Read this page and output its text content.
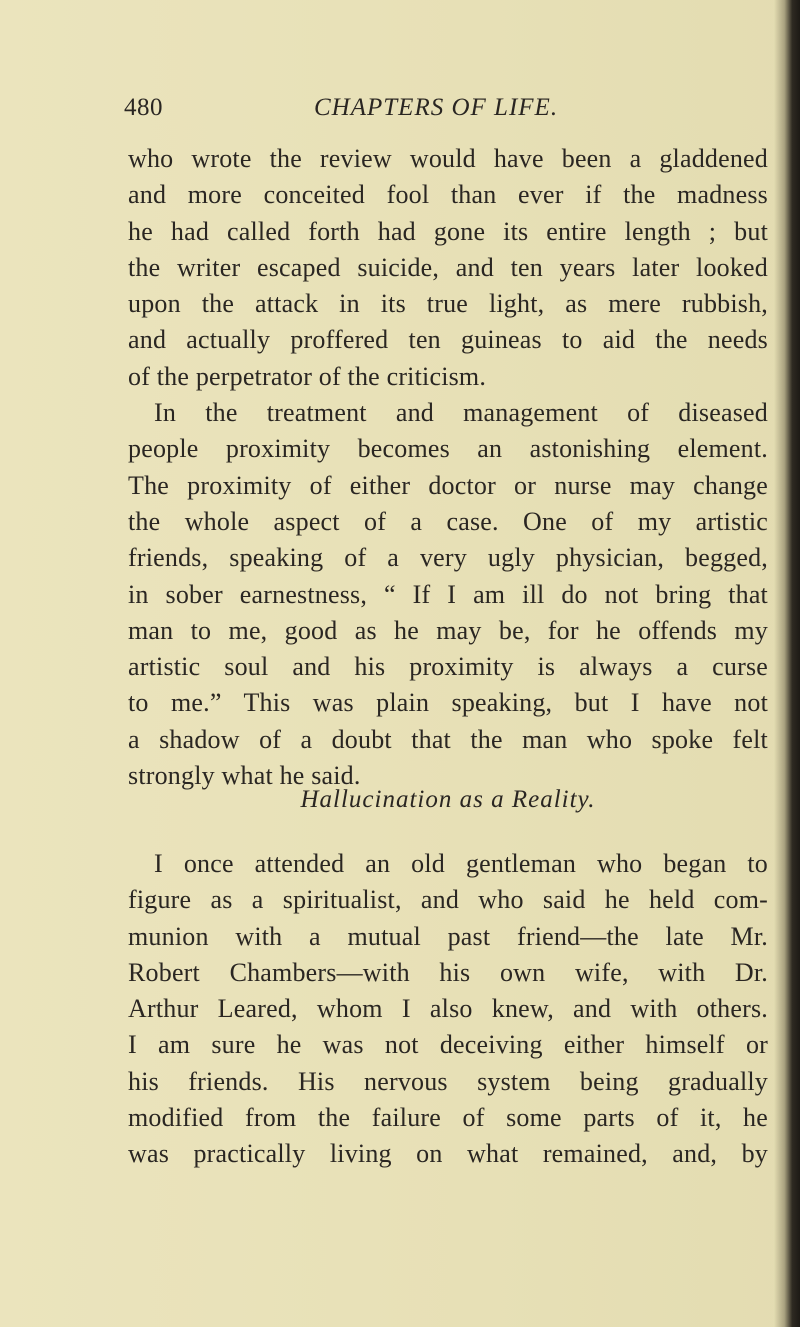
480	CHAPTERS OF LIFE.
who wrote the review would have been a gladdened
and more conceited fool than ever if the madness
he had called forth had gone its entire length ; but
the writer escaped suicide, and ten years later looked
upon the attack in its true light, as mere rubbish,
and actually proffered ten guineas to aid the needs
of the perpetrator of the criticism.
In the treatment and management of diseased
people proximity becomes an astonishing element.
The proximity of either doctor or nurse may change
the whole aspect of a case. One of my artistic
friends, speaking of a very ugly physician, begged,
in sober earnestness, “ If I am ill do not bring that
man to me, good as he may be, for he offends my
artistic soul and his proximity is always a curse
to me.” This was plain speaking, but I have not
a shadow of a doubt that the man who spoke felt
strongly what he said.
Hallucination as a Reality.
I once attended an old gentleman who began to
figure as a spiritualist, and who said he held com-
munion with a mutual past friend—the late Mr.
Robert Chambers—with his own wife, with Dr.
Arthur Leared, whom I also knew, and with others.
I am sure he was not deceiving either himself or
his friends. His nervous system being gradually
modified from the failure of some parts of it, he
was practically living on what remained, and, by
